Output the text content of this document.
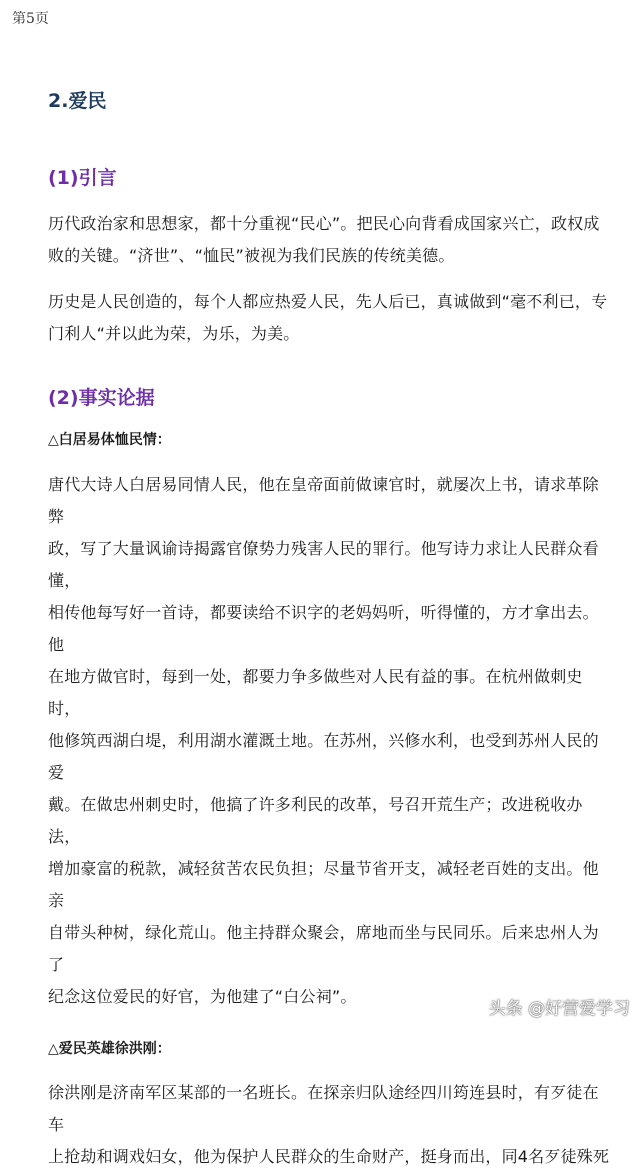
第5页
2.爱民
(1)引言
历代政治家和思想家，都十分重视“民心”。把民心向背看成国家兴亡，政权成
败的关键。“济世”、“恤民”被视为我们民族的传统美德。
历史是人民创造的，每个人都应热爱人民，先人后已，真诚做到“毫不利已，专
门利人“并以此为荣，为乐，为美。
(2)事实论据
△白居易体恤民情：
唐代大诗人白居易同情人民，他在皇帝面前做谏官时，就屡次上书，请求革除弊
政，写了大量讽谕诗揭露官僚势力残害人民的罪行。他写诗力求让人民群众看懂，
相传他每写好一首诗，都要读给不识字的老妈妈听，听得懂的，方才拿出去。他
在地方做官时，每到一处，都要力争多做些对人民有益的事。在杭州做刺史时，
他修筑西湖白堤，利用湖水灌溉土地。在苏州，兴修水利，也受到苏州人民的爱
戴。在做忠州刺史时，他搞了许多利民的改革，号召开荒生产；改进税收办法，
增加豪富的税款，减轻贫苦农民负担；尽量节省开支，减轻老百姓的支出。他亲
自带头种树，绿化荒山。他主持群众聚会，席地而坐与民同乐。后来忠州人为了
纪念这位爱民的好官，为他建了“白公祠”。
△爱民英雄徐洪刚：
徐洪刚是济南军区某部的一名班长。在探亲归队途经四川筠连县时，有歹徒在车
上抢劫和调戏妇女，他为保护人民群众的生命财产，挺身而出，同4名歹徒殊死
头条 @好营爱学习
